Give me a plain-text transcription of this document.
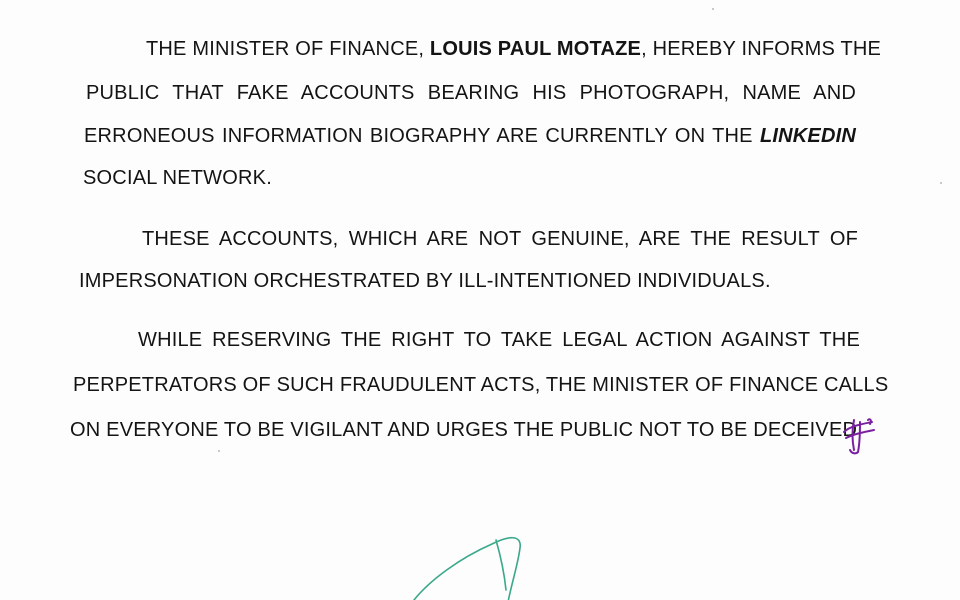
THE MINISTER OF FINANCE, LOUIS PAUL MOTAZE, HEREBY INFORMS THE
PUBLIC THAT FAKE ACCOUNTS BEARING HIS PHOTOGRAPH, NAME AND
ERRONEOUS INFORMATION BIOGRAPHY ARE CURRENTLY ON THE LINKEDIN
SOCIAL NETWORK.
THESE ACCOUNTS, WHICH ARE NOT GENUINE, ARE THE RESULT OF
IMPERSONATION ORCHESTRATED BY ILL-INTENTIONED INDIVIDUALS.
WHILE RESERVING THE RIGHT TO TAKE LEGAL ACTION AGAINST THE
PERPETRATORS OF SUCH FRAUDULENT ACTS, THE MINISTER OF FINANCE CALLS
ON EVERYONE TO BE VIGILANT AND URGES THE PUBLIC NOT TO BE DECEIVED
